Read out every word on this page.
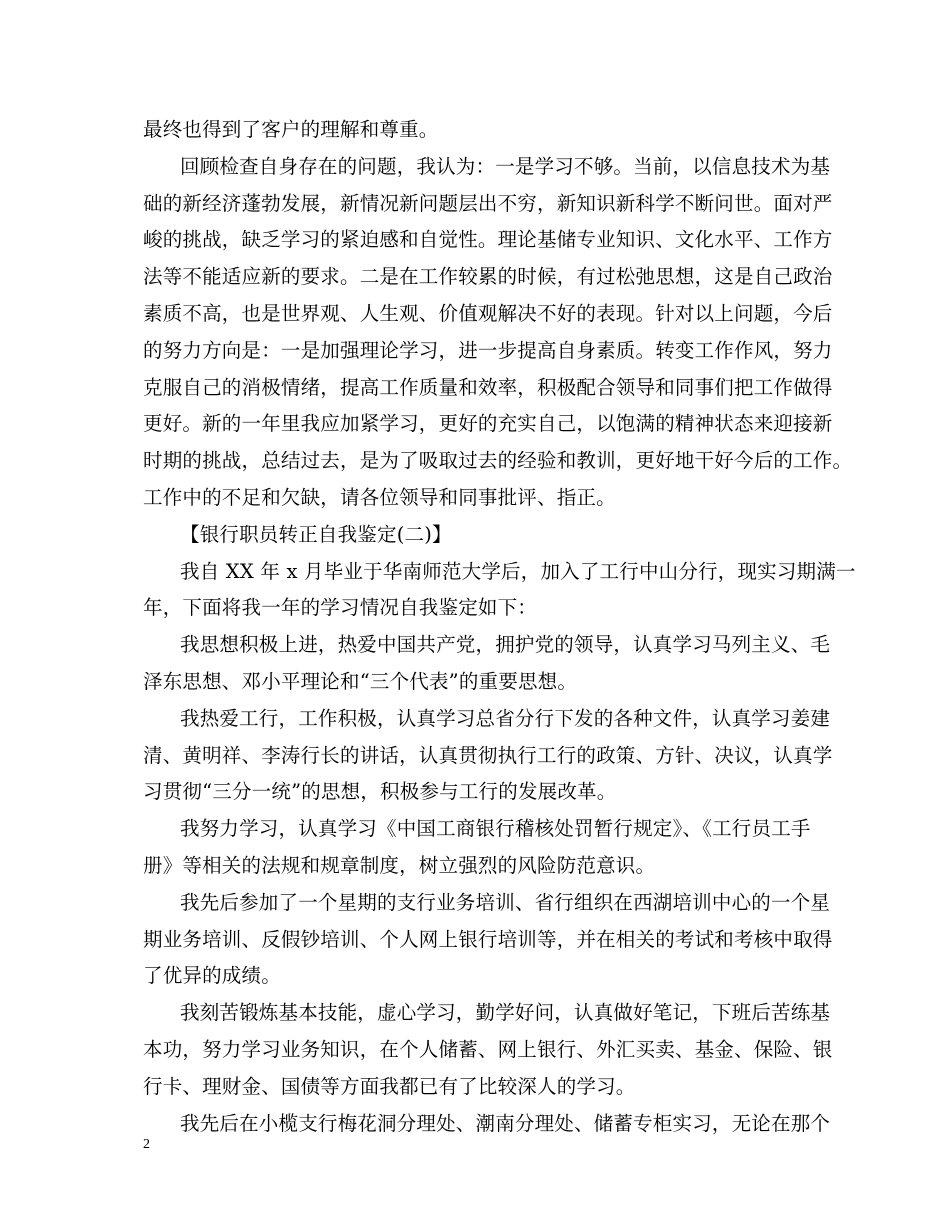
最终也得到了客户的理解和尊重。
回顾检查自身存在的问题，我认为：一是学习不够。当前，以信息技术为基
础的新经济蓬勃发展，新情况新问题层出不穷，新知识新科学不断问世。面对严
峻的挑战，缺乏学习的紧迫感和自觉性。理论基储专业知识、文化水平、工作方
法等不能适应新的要求。二是在工作较累的时候，有过松弛思想，这是自己政治
素质不高，也是世界观、人生观、价值观解决不好的表现。针对以上问题，今后
的努力方向是：一是加强理论学习，进一步提高自身素质。转变工作作风，努力
克服自己的消极情绪，提高工作质量和效率，积极配合领导和同事们把工作做得
更好。新的一年里我应加紧学习，更好的充实自己，以饱满的精神状态来迎接新
时期的挑战，总结过去，是为了吸取过去的经验和教训，更好地干好今后的工作。
工作中的不足和欠缺，请各位领导和同事批评、指正。
【银行职员转正自我鉴定(二)】
我自 XX 年 x 月毕业于华南师范大学后，加入了工行中山分行，现实习期满一
年，下面将我一年的学习情况自我鉴定如下：
我思想积极上进，热爱中国共产党，拥护党的领导，认真学习马列主义、毛
泽东思想、邓小平理论和“三个代表”的重要思想。
我热爱工行，工作积极，认真学习总省分行下发的各种文件，认真学习姜建
清、黄明祥、李涛行长的讲话，认真贯彻执行工行的政策、方针、决议，认真学
习贯彻“三分一统”的思想，积极参与工行的发展改革。
我努力学习，认真学习《中国工商银行稽核处罚暂行规定》、《工行员工手
册》等相关的法规和规章制度，树立强烈的风险防范意识。
我先后参加了一个星期的支行业务培训、省行组织在西湖培训中心的一个星
期业务培训、反假钞培训、个人网上银行培训等，并在相关的考试和考核中取得
了优异的成绩。
我刻苦锻炼基本技能，虚心学习，勤学好问，认真做好笔记，下班后苦练基
本功，努力学习业务知识，在个人储蓄、网上银行、外汇买卖、基金、保险、银
行卡、理财金、国债等方面我都已有了比较深人的学习。
我先后在小榄支行梅花洞分理处、潮南分理处、储蓄专柜实习，无论在那个
2
